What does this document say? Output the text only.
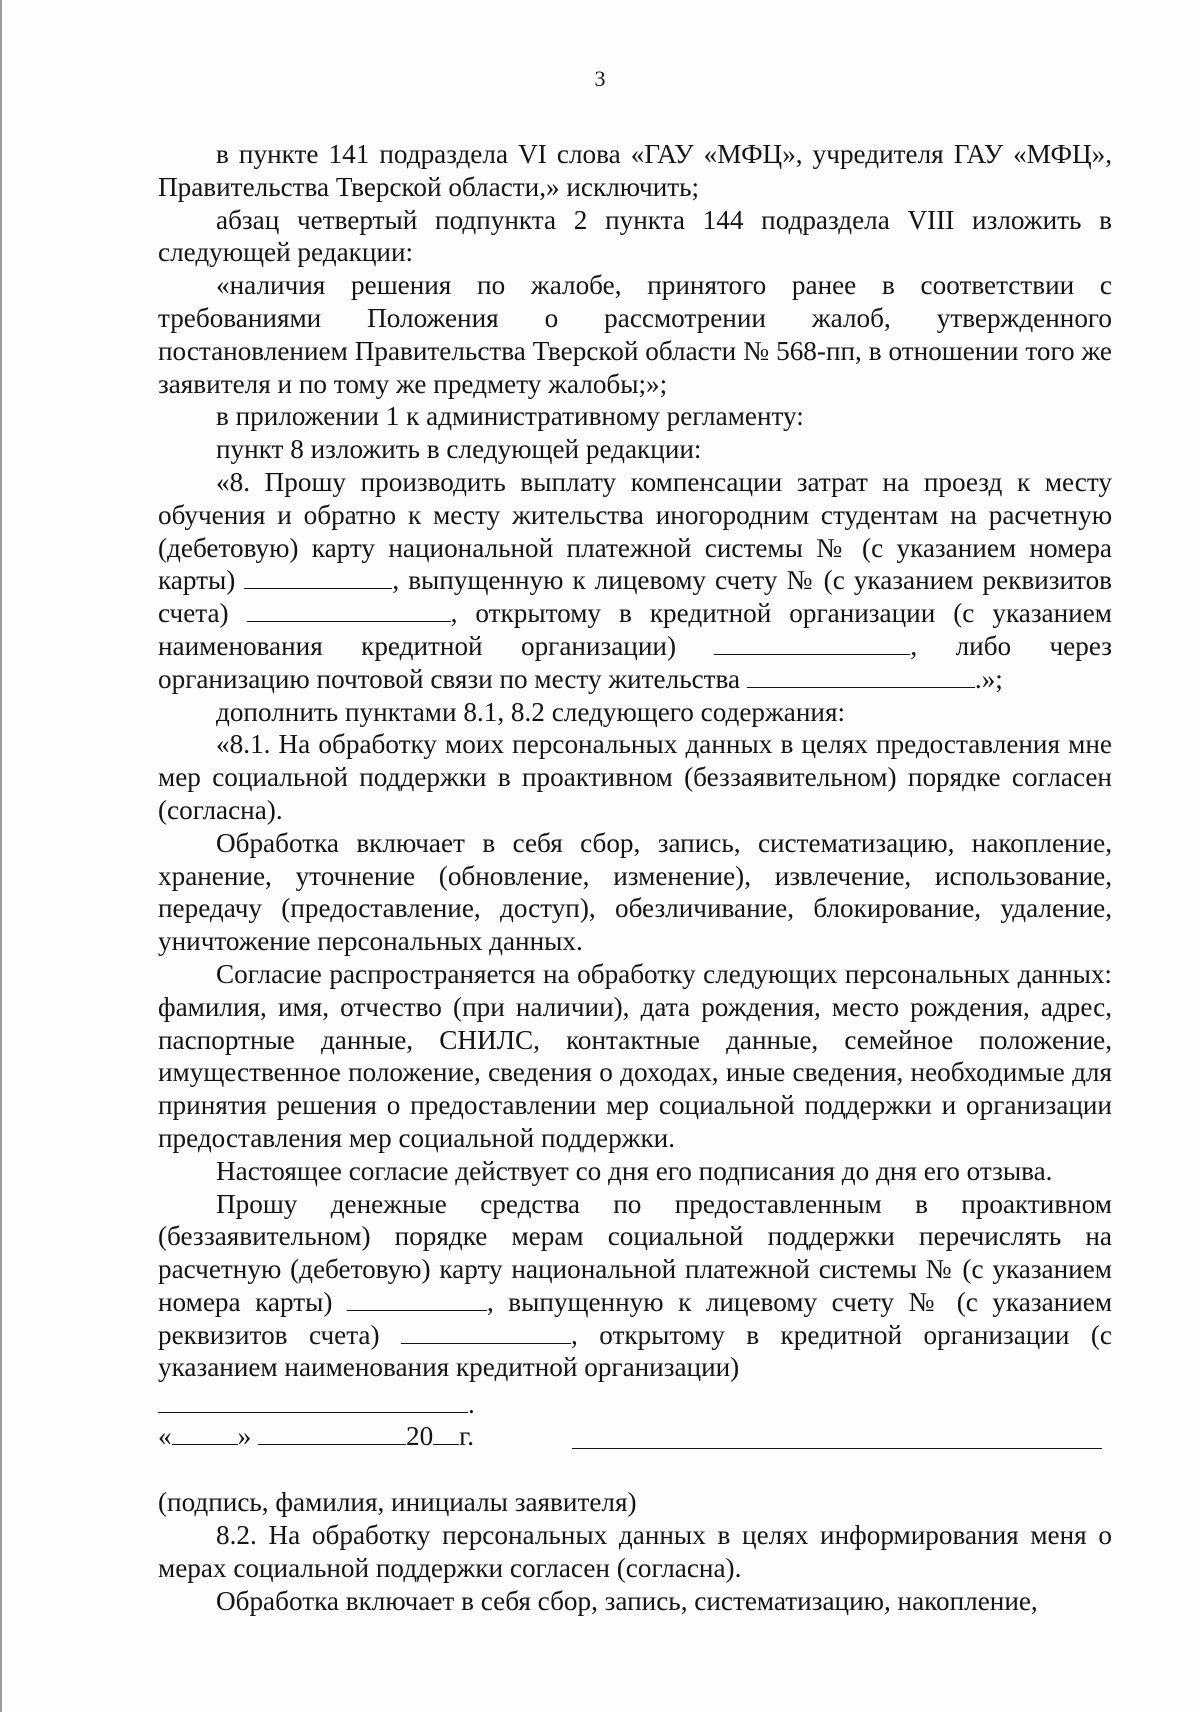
3

в пункте 141 подраздела VI слова «ГАУ «МФЦ», учредителя ГАУ «МФЦ», Правительства Тверской области,» исключить;

абзац четвертый подпункта 2 пункта 144 подраздела VIII изложить в следующей редакции:

«наличия решения по жалобе, принятого ранее в соответствии с требованиями Положения о рассмотрении жалоб, утвержденного постановлением Правительства Тверской области № 568-пп, в отношении того же заявителя и по тому же предмету жалобы;»;

в приложении 1 к административному регламенту:

пункт 8 изложить в следующей редакции:

«8. Прошу производить выплату компенсации затрат на проезд к месту обучения и обратно к месту жительства иногородним студентам на расчетную (дебетовую) карту национальной платежной системы № (с указанием номера карты)	, выпущенную к лицевому счету № (с указанием реквизитов счета)	, открытому в кредитной организации (с указанием наименования кредитной организации)	, либо через организацию почтовой связи по месту жительства	.»;

дополнить пунктами 8.1, 8.2 следующего содержания:

«8.1. На обработку моих персональных данных в целях предоставления мне мер социальной поддержки в проактивном (беззаявительном) порядке согласен (согласна).

Обработка включает в себя сбор, запись, систематизацию, накопление, хранение, уточнение (обновление, изменение), извлечение, использование, передачу (предоставление, доступ), обезличивание, блокирование, удаление, уничтожение персональных данных.

Согласие распространяется на обработку следующих персональных данных: фамилия, имя, отчество (при наличии), дата рождения, место рождения, адрес, паспортные данные, СНИЛС, контактные данные, семейное положение, имущественное положение, сведения о доходах, иные сведения, необходимые для принятия решения о предоставлении мер социальной поддержки и организации предоставления мер социальной поддержки.

Настоящее согласие действует со дня его подписания до дня его отзыва.

Прошу денежные средства по предоставленным в проактивном (беззаявительном) порядке мерам социальной поддержки перечислять на расчетную (дебетовую) карту национальной платежной системы № (с указанием номера карты)	, выпущенную к лицевому счету № (с указанием реквизитов счета)	, открытому в кредитной организации (с указанием наименования кредитной организации)

.
« »	20 г.

(подпись, фамилия, инициалы заявителя)

8.2. На обработку персональных данных в целях информирования меня о мерах социальной поддержки согласен (согласна).

Обработка включает в себя сбор, запись, систематизацию, накопление,
